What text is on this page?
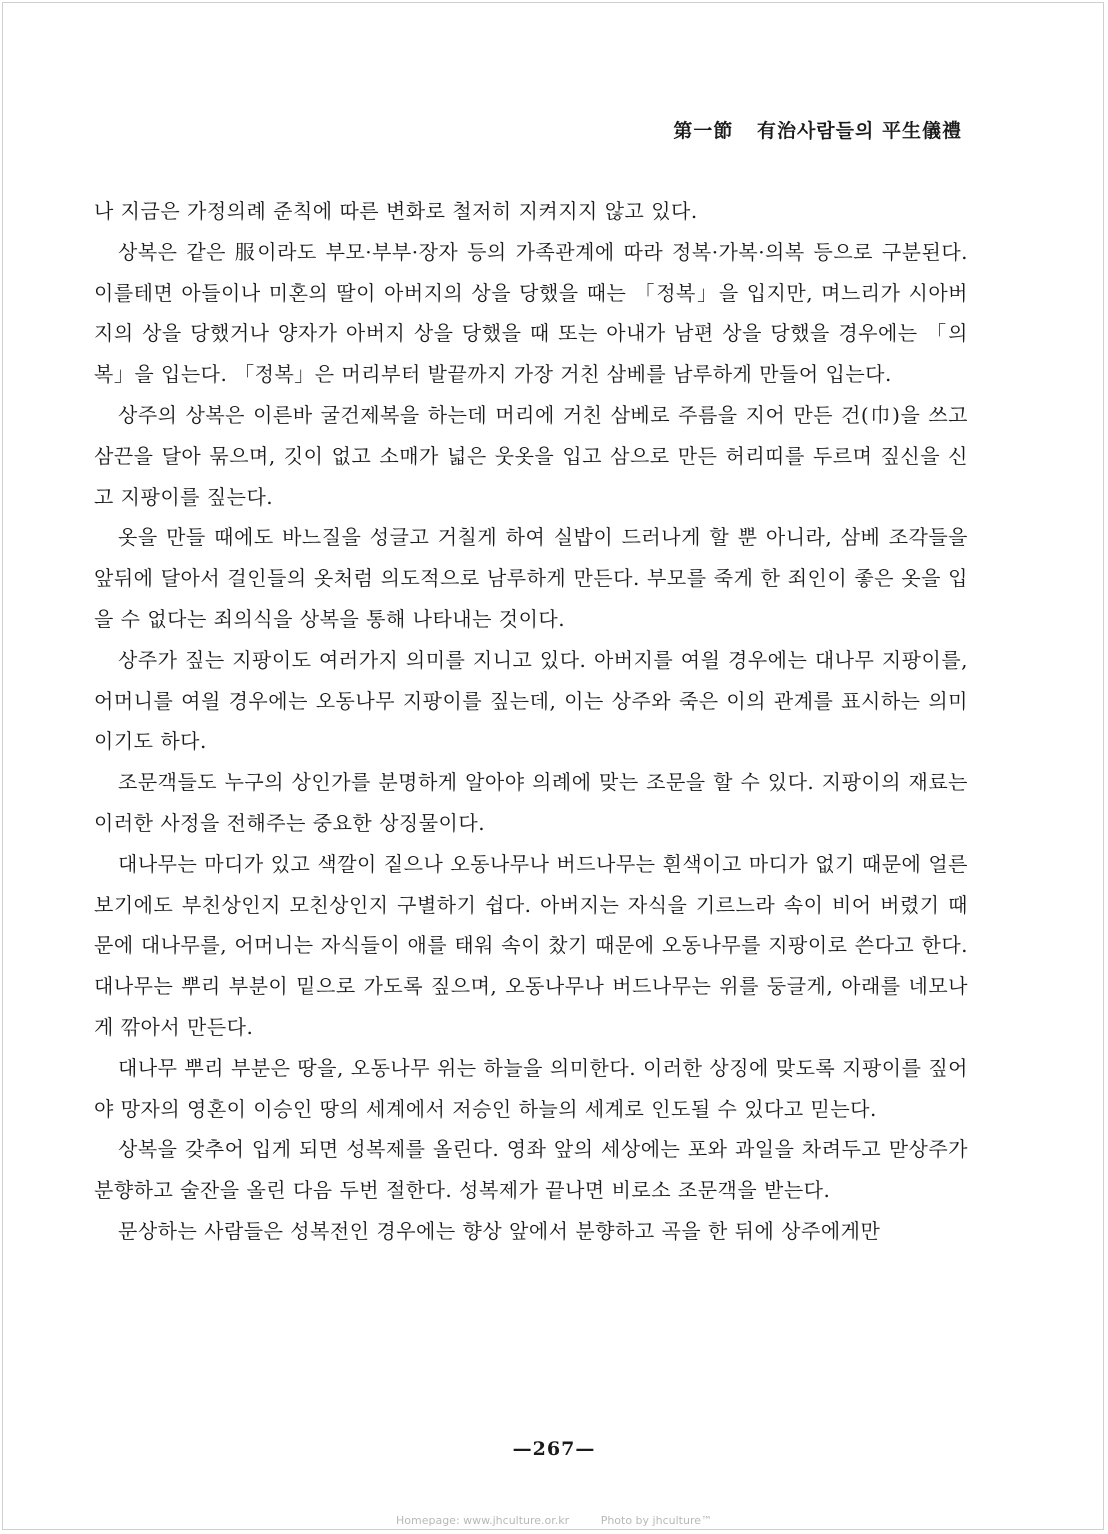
第一節 有治사람들의 平生儀禮

나 지금은 가정의례 준칙에 따른 변화로 철저히 지켜지지 않고 있다.

상복은 같은 服이라도 부모·부부·장자 등의 가족관계에 따라 정복·가복·의복 등으로 구분된다. 이를테면 아들이나 미혼의 딸이 아버지의 상을 당했을 때는 「정복」을 입지만, 며느리가 시아버지의 상을 당했거나 양자가 아버지 상을 당했을 때 또는 아내가 남편 상을 당했을 경우에는 「의복」을 입는다. 「정복」은 머리부터 발끝까지 가장 거친 삼베를 남루하게 만들어 입는다.

상주의 상복은 이른바 굴건제복을 하는데 머리에 거친 삼베로 주름을 지어 만든 건(巾)을 쓰고 삼끈을 달아 묶으며, 깃이 없고 소매가 넓은 웃옷을 입고 삼으로 만든 허리띠를 두르며 짚신을 신고 지팡이를 짚는다.

옷을 만들 때에도 바느질을 성글고 거칠게 하여 실밥이 드러나게 할 뿐 아니라, 삼베 조각들을 앞뒤에 달아서 걸인들의 옷처럼 의도적으로 남루하게 만든다. 부모를 죽게 한 죄인이 좋은 옷을 입을 수 없다는 죄의식을 상복을 통해 나타내는 것이다.

상주가 짚는 지팡이도 여러가지 의미를 지니고 있다. 아버지를 여읠 경우에는 대나무 지팡이를, 어머니를 여읠 경우에는 오동나무 지팡이를 짚는데, 이는 상주와 죽은 이의 관계를 표시하는 의미이기도 하다.

조문객들도 누구의 상인가를 분명하게 알아야 의례에 맞는 조문을 할 수 있다. 지팡이의 재료는 이러한 사정을 전해주는 중요한 상징물이다.

대나무는 마디가 있고 색깔이 짙으나 오동나무나 버드나무는 흰색이고 마디가 없기 때문에 얼른 보기에도 부친상인지 모친상인지 구별하기 쉽다. 아버지는 자식을 기르느라 속이 비어 버렸기 때문에 대나무를, 어머니는 자식들이 애를 태워 속이 찼기 때문에 오동나무를 지팡이로 쓴다고 한다. 대나무는 뿌리 부분이 밑으로 가도록 짚으며, 오동나무나 버드나무는 위를 둥글게, 아래를 네모나게 깎아서 만든다.

대나무 뿌리 부분은 땅을, 오동나무 위는 하늘을 의미한다. 이러한 상징에 맞도록 지팡이를 짚어야 망자의 영혼이 이승인 땅의 세계에서 저승인 하늘의 세계로 인도될 수 있다고 믿는다.

상복을 갖추어 입게 되면 성복제를 올린다. 영좌 앞의 세상에는 포와 과일을 차려두고 맏상주가 분향하고 술잔을 올린 다음 두번 절한다. 성복제가 끝나면 비로소 조문객을 받는다.

문상하는 사람들은 성복전인 경우에는 향상 앞에서 분향하고 곡을 한 뒤에 상주에게만

—267—
Homepage: www.jhculture.or.kr	Photo by jhculture™
